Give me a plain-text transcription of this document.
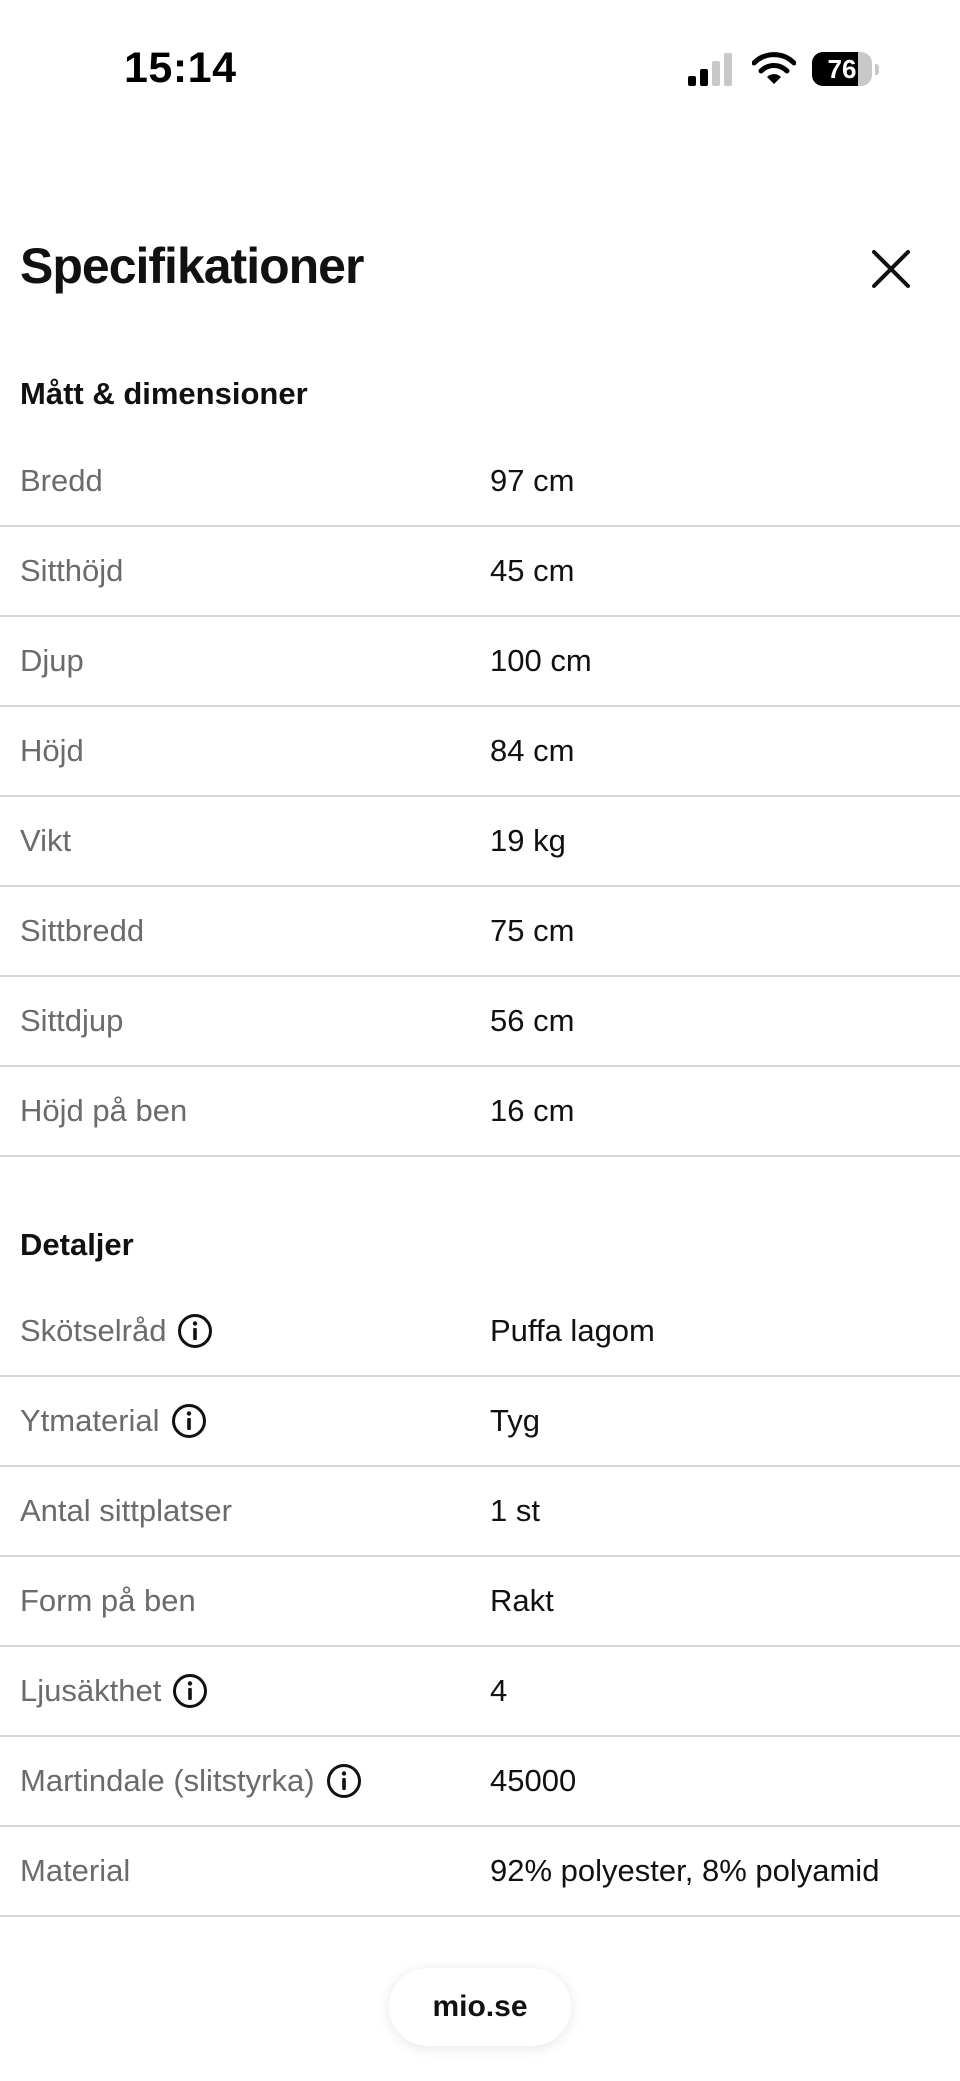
15:14	76
Specifikationer
Mått & dimensioner
Bredd	97 cm
Sitthöjd	45 cm
Djup	100 cm
Höjd	84 cm
Vikt	19 kg
Sittbredd	75 cm
Sittdjup	56 cm
Höjd på ben	16 cm
Detaljer
Skötselråd	Puffa lagom
Ytmaterial	Tyg
Antal sittplatser	1 st
Form på ben	Rakt
Ljusäkthet	4
Martindale (slitstyrka)	45000
Material	92% polyester, 8% polyamid
mio.se
